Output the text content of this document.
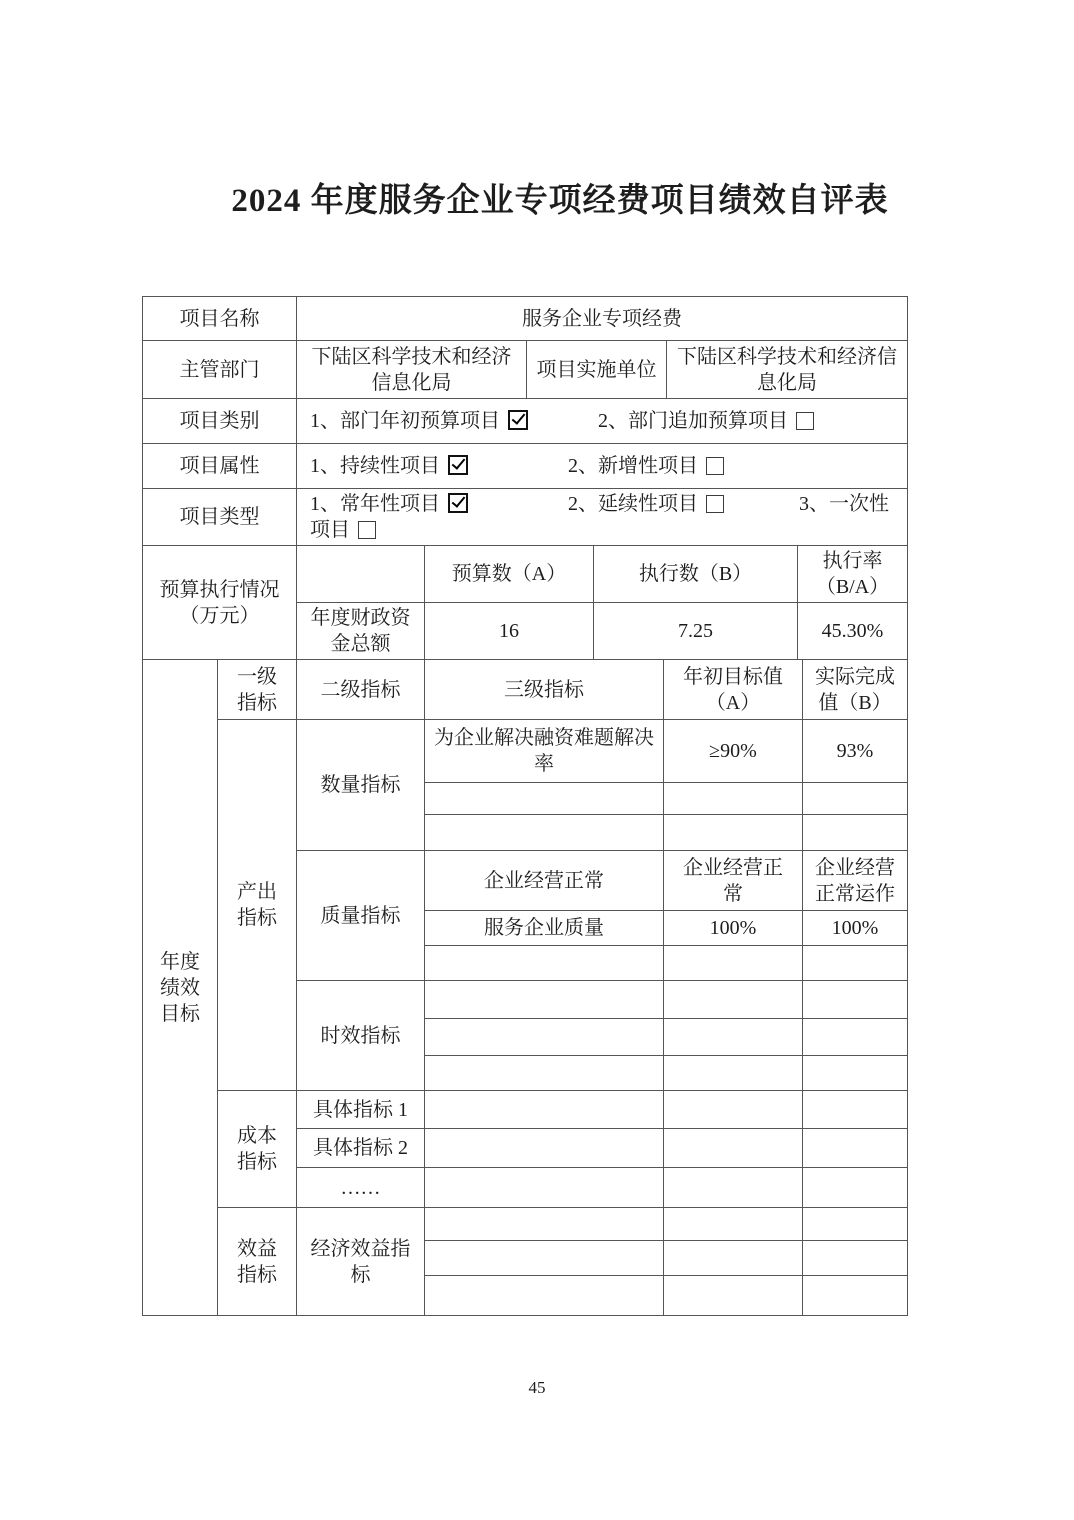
2024 年度服务企业专项经费项目绩效自评表
项目名称	服务企业专项经费		
主管部门	下陆区科学技术和经济信息化局	项目实施单位	下陆区科学技术和经济信息化局
项目类别	1、部门年初预算项目 2、部门追加预算项目		
项目属性	1、持续性项目 2、新增性项目		
项目类型	1、常年性项目 2、延续性项目 3、一次性项目		
预算执行情况（万元）		预算数（A）	执行数（B）	执行率（B/A）
	年度财政资金总额	16	7.25	45.30%
年度绩效目标	一级指标	二级指标	三级指标	年初目标值（A）	实际完成值（B）
	产出指标	数量指标	为企业解决融资难题解决率	≥90%	93%

		质量指标	企业经营正常	企业经营正常	企业经营正常运作
			服务企业质量	100%	100%

		时效指标			

	成本指标	具体指标 1			
		具体指标 2			
		……			
	效益指标	经济效益指标			

45
